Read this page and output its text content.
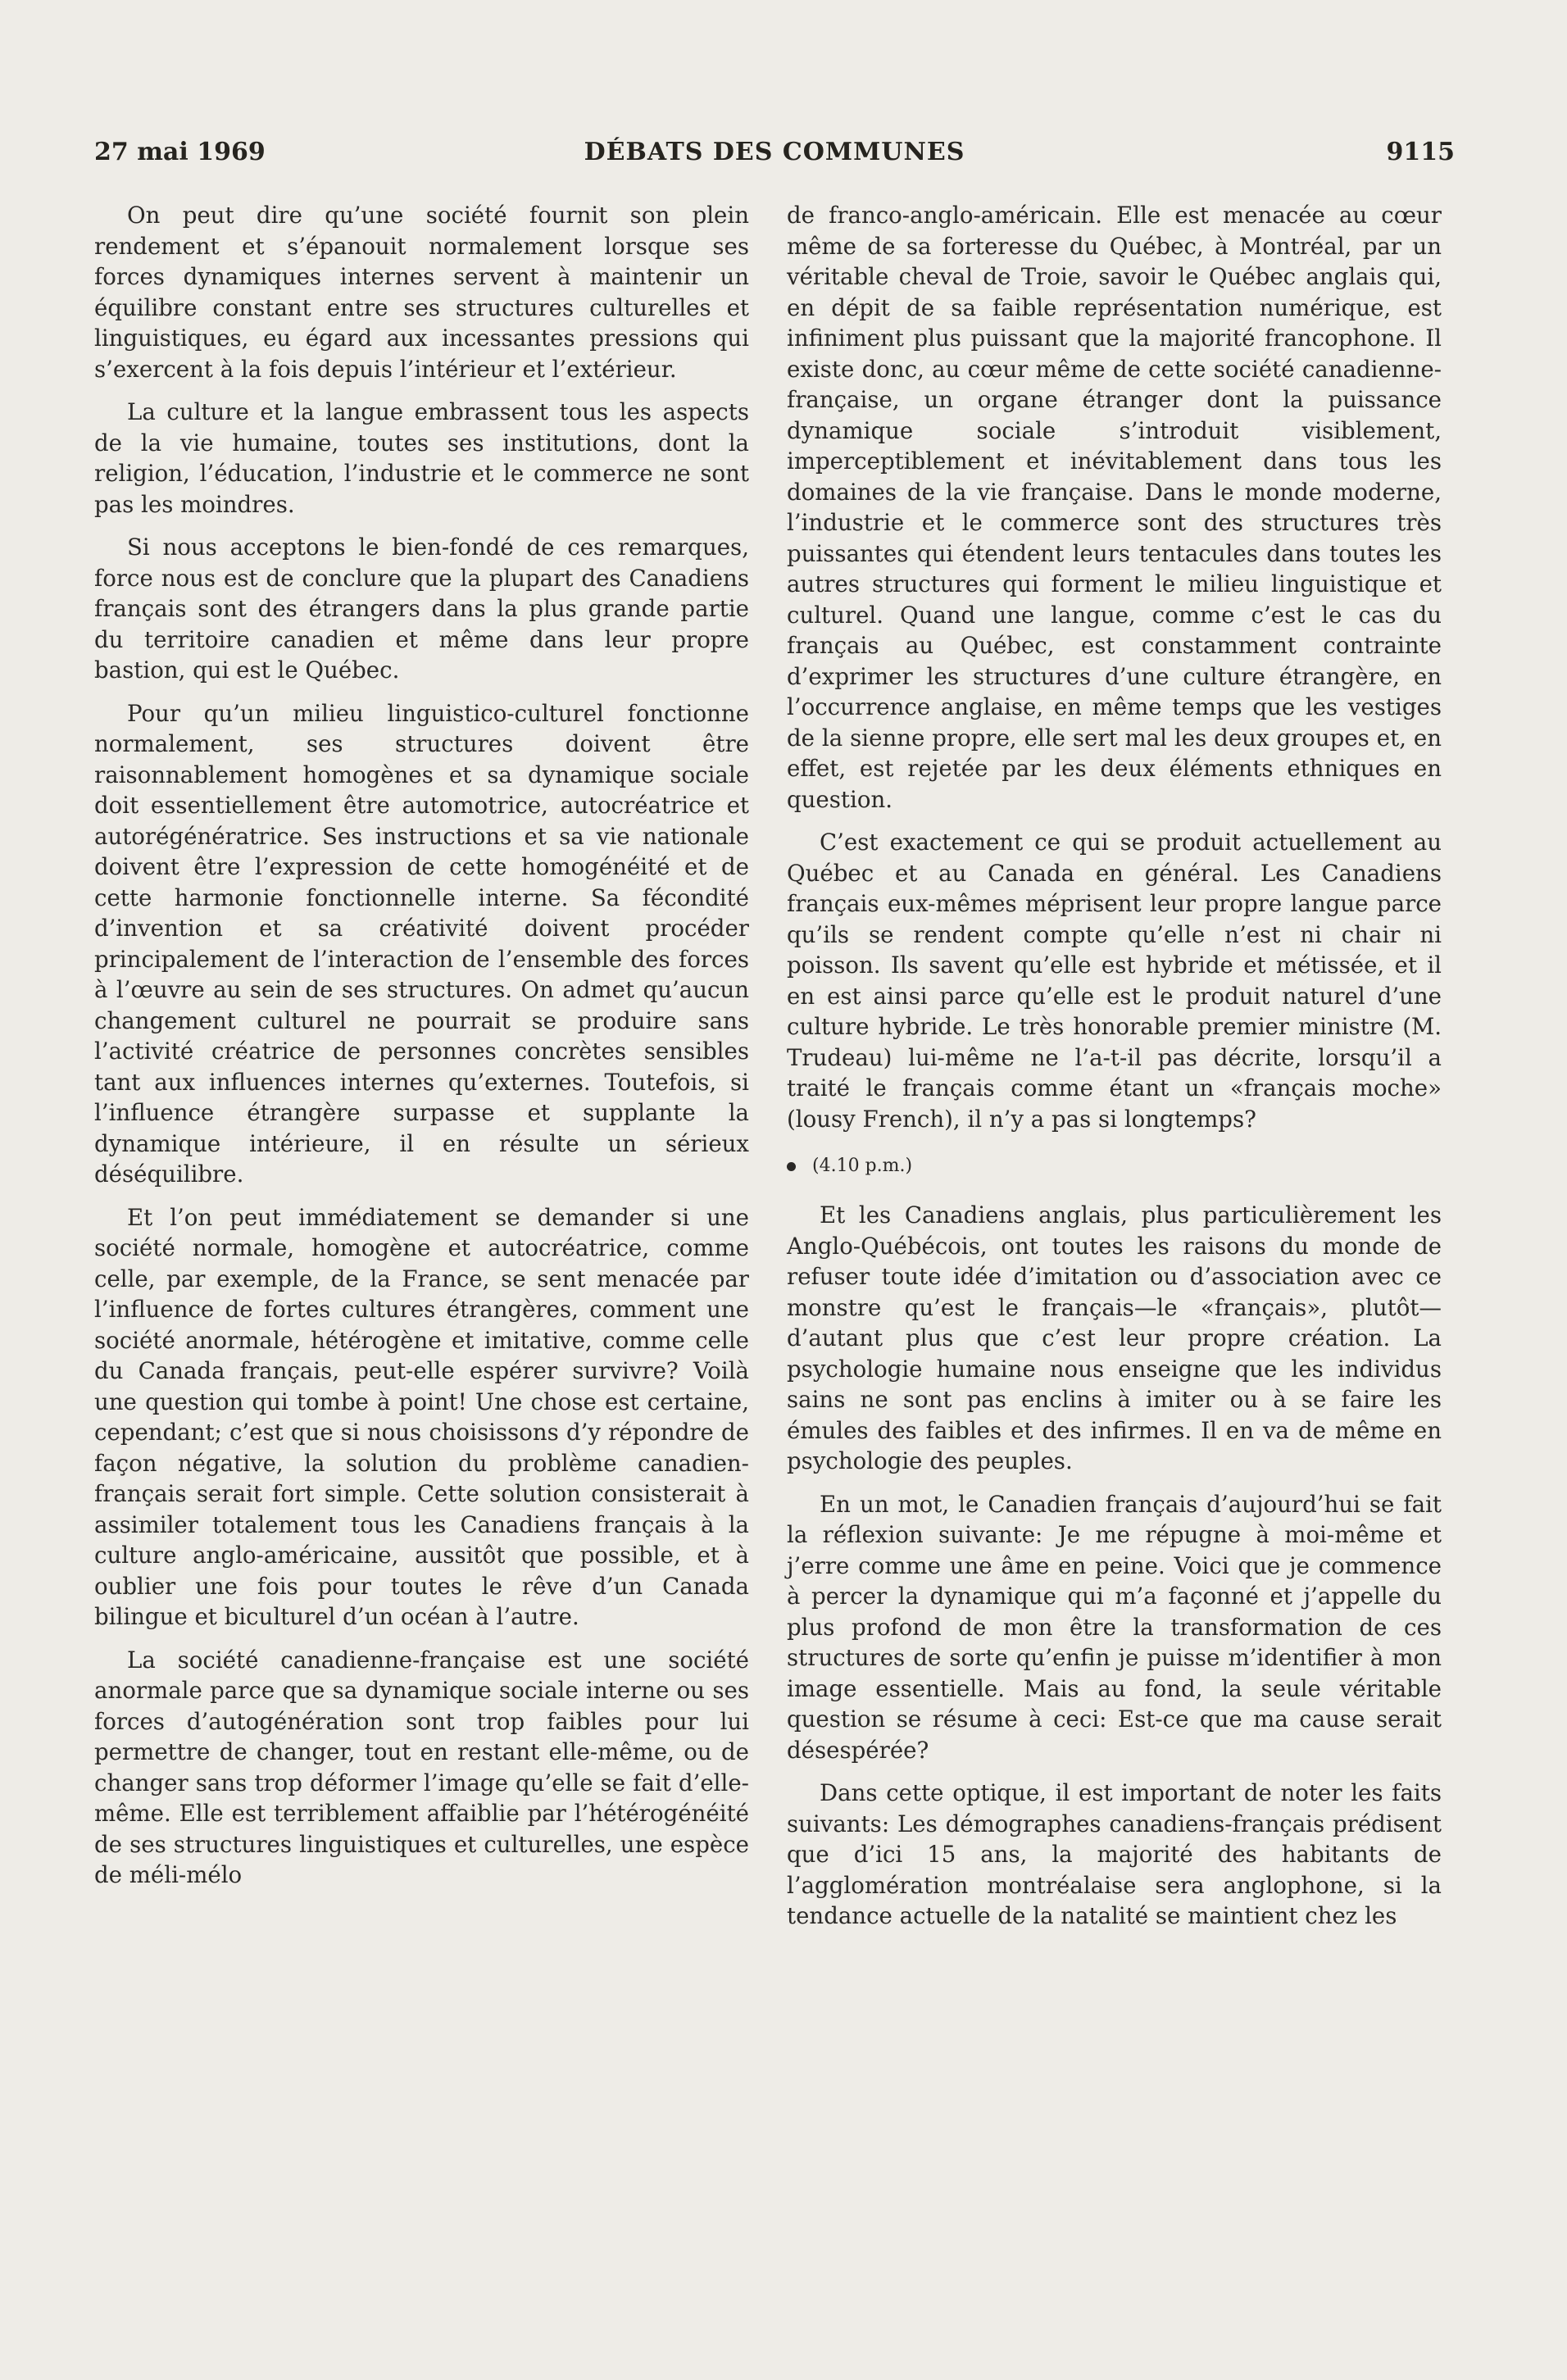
27 mai 1969	DÉBATS DES COMMUNES	9115

On peut dire qu’une société fournit son plein rendement et s’épanouit normalement lorsque ses forces dynamiques internes servent à maintenir un équilibre constant entre ses structures culturelles et linguistiques, eu égard aux incessantes pressions qui s’exercent à la fois depuis l’intérieur et l’extérieur.

La culture et la langue embrassent tous les aspects de la vie humaine, toutes ses institutions, dont la religion, l’éducation, l’industrie et le commerce ne sont pas les moindres.

Si nous acceptons le bien-fondé de ces remarques, force nous est de conclure que la plupart des Canadiens français sont des étrangers dans la plus grande partie du territoire canadien et même dans leur propre bastion, qui est le Québec.

Pour qu’un milieu linguistico-culturel fonctionne normalement, ses structures doivent être raisonnablement homogènes et sa dynamique sociale doit essentiellement être automotrice, autocréatrice et autorégénératrice. Ses instructions et sa vie nationale doivent être l’expression de cette homogénéité et de cette harmonie fonctionnelle interne. Sa fécondité d’invention et sa créativité doivent procéder principalement de l’interaction de l’ensemble des forces à l’œuvre au sein de ses structures. On admet qu’aucun changement culturel ne pourrait se produire sans l’activité créatrice de personnes concrètes sensibles tant aux influences internes qu’externes. Toutefois, si l’influence étrangère surpasse et supplante la dynamique intérieure, il en résulte un sérieux déséquilibre.

Et l’on peut immédiatement se demander si une société normale, homogène et autocréatrice, comme celle, par exemple, de la France, se sent menacée par l’influence de fortes cultures étrangères, comment une société anormale, hétérogène et imitative, comme celle du Canada français, peut-elle espérer survivre? Voilà une question qui tombe à point! Une chose est certaine, cependant; c’est que si nous choisissons d’y répondre de façon négative, la solution du problème canadien-français serait fort simple. Cette solution consisterait à assimiler totalement tous les Canadiens français à la culture anglo-américaine, aussitôt que possible, et à oublier une fois pour toutes le rêve d’un Canada bilingue et biculturel d’un océan à l’autre.

La société canadienne-française est une société anormale parce que sa dynamique sociale interne ou ses forces d’autogénération sont trop faibles pour lui permettre de changer, tout en restant elle-même, ou de changer sans trop déformer l’image qu’elle se fait d’elle-même. Elle est terriblement affaiblie par l’hétérogénéité de ses structures linguistiques et culturelles, une espèce de méli-mélo

de franco-anglo-américain. Elle est menacée au cœur même de sa forteresse du Québec, à Montréal, par un véritable cheval de Troie, savoir le Québec anglais qui, en dépit de sa faible représentation numérique, est infiniment plus puissant que la majorité francophone. Il existe donc, au cœur même de cette société canadienne-française, un organe étranger dont la puissance dynamique sociale s’introduit visiblement, imperceptiblement et inévitablement dans tous les domaines de la vie française. Dans le monde moderne, l’industrie et le commerce sont des structures très puissantes qui étendent leurs tentacules dans toutes les autres structures qui forment le milieu linguistique et culturel. Quand une langue, comme c’est le cas du français au Québec, est constamment contrainte d’exprimer les structures d’une culture étrangère, en l’occurrence anglaise, en même temps que les vestiges de la sienne propre, elle sert mal les deux groupes et, en effet, est rejetée par les deux éléments ethniques en question.

C’est exactement ce qui se produit actuellement au Québec et au Canada en général. Les Canadiens français eux-mêmes méprisent leur propre langue parce qu’ils se rendent compte qu’elle n’est ni chair ni poisson. Ils savent qu’elle est hybride et métissée, et il en est ainsi parce qu’elle est le produit naturel d’une culture hybride. Le très honorable premier ministre (M. Trudeau) lui-même ne l’a-t-il pas décrite, lorsqu’il a traité le français comme étant un «français moche» (lousy French), il n’y a pas si longtemps?

(4.10 p.m.)

Et les Canadiens anglais, plus particulièrement les Anglo-Québécois, ont toutes les raisons du monde de refuser toute idée d’imitation ou d’association avec ce monstre qu’est le français—le «français», plutôt—d’autant plus que c’est leur propre création. La psychologie humaine nous enseigne que les individus sains ne sont pas enclins à imiter ou à se faire les émules des faibles et des infirmes. Il en va de même en psychologie des peuples.

En un mot, le Canadien français d’aujourd’hui se fait la réflexion suivante: Je me répugne à moi-même et j’erre comme une âme en peine. Voici que je commence à percer la dynamique qui m’a façonné et j’appelle du plus profond de mon être la transformation de ces structures de sorte qu’enfin je puisse m’identifier à mon image essentielle. Mais au fond, la seule véritable question se résume à ceci: Est-ce que ma cause serait désespérée?

Dans cette optique, il est important de noter les faits suivants: Les démographes canadiens-français prédisent que d’ici 15 ans, la majorité des habitants de l’agglomération montréalaise sera anglophone, si la tendance actuelle de la natalité se maintient chez les
